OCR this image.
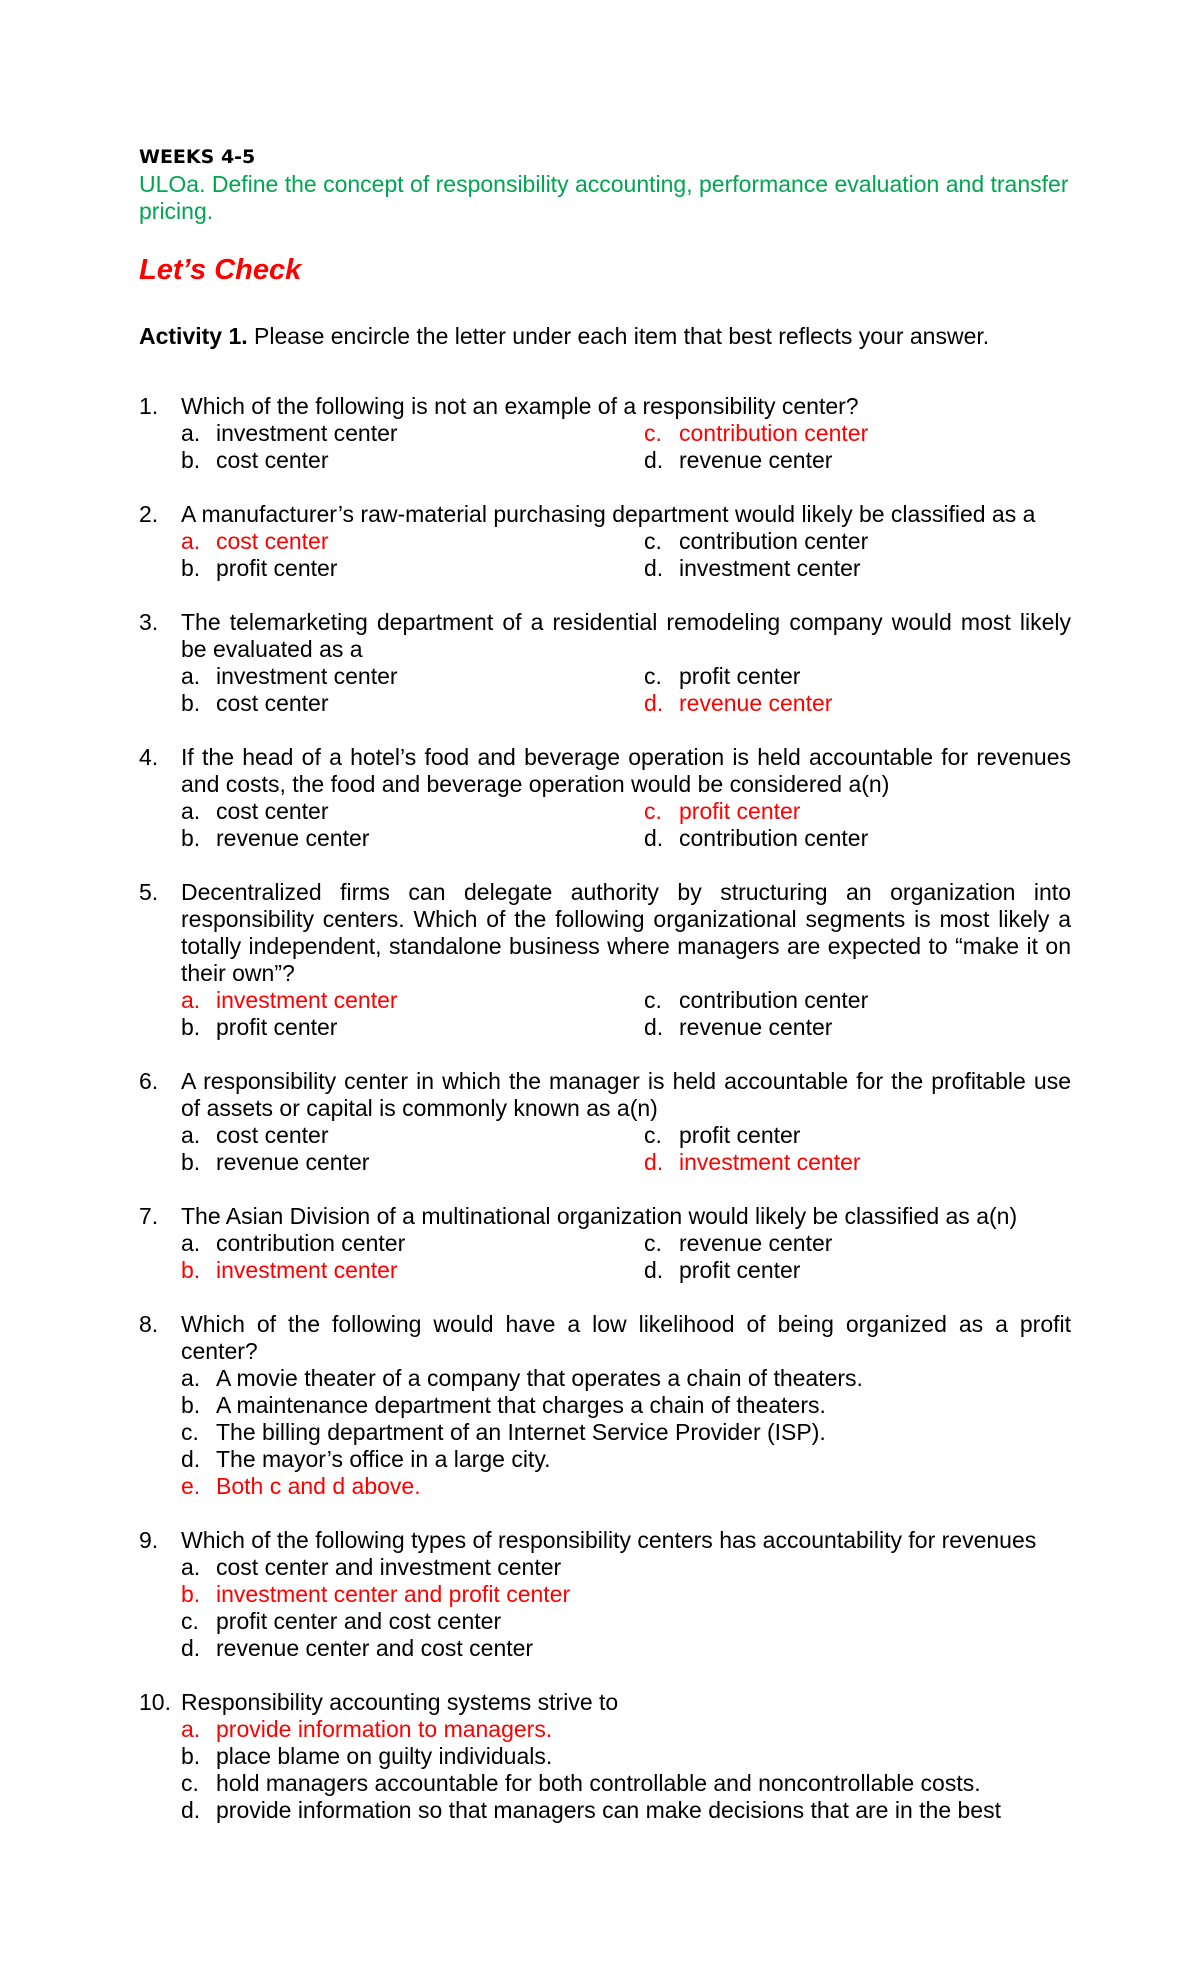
WEEKS 4-5
ULOa. Define the concept of responsibility accounting, performance evaluation and transfer pricing.
Let’s Check
Activity 1. Please encircle the letter under each item that best reflects your answer.
1. Which of the following is not an example of a responsibility center?
a. investment center	c. contribution center
b. cost center	d. revenue center
2. A manufacturer’s raw-material purchasing department would likely be classified as a
a. cost center	c. contribution center
b. profit center	d. investment center
3. The telemarketing department of a residential remodeling company would most likely be evaluated as a
a. investment center	c. profit center
b. cost center	d. revenue center
4. If the head of a hotel’s food and beverage operation is held accountable for revenues and costs, the food and beverage operation would be considered a(n)
a. cost center	c. profit center
b. revenue center	d. contribution center
5. Decentralized firms can delegate authority by structuring an organization into responsibility centers. Which of the following organizational segments is most likely a totally independent, standalone business where managers are expected to “make it on their own”?
a. investment center	c. contribution center
b. profit center	d. revenue center
6. A responsibility center in which the manager is held accountable for the profitable use of assets or capital is commonly known as a(n)
a. cost center	c. profit center
b. revenue center	d. investment center
7. The Asian Division of a multinational organization would likely be classified as a(n)
a. contribution center	c. revenue center
b. investment center	d. profit center
8. Which of the following would have a low likelihood of being organized as a profit center?
a. A movie theater of a company that operates a chain of theaters.
b. A maintenance department that charges a chain of theaters.
c. The billing department of an Internet Service Provider (ISP).
d. The mayor’s office in a large city.
e. Both c and d above.
9. Which of the following types of responsibility centers has accountability for revenues
a. cost center and investment center
b. investment center and profit center
c. profit center and cost center
d. revenue center and cost center
10. Responsibility accounting systems strive to
a. provide information to managers.
b. place blame on guilty individuals.
c. hold managers accountable for both controllable and noncontrollable costs.
d. provide information so that managers can make decisions that are in the best
